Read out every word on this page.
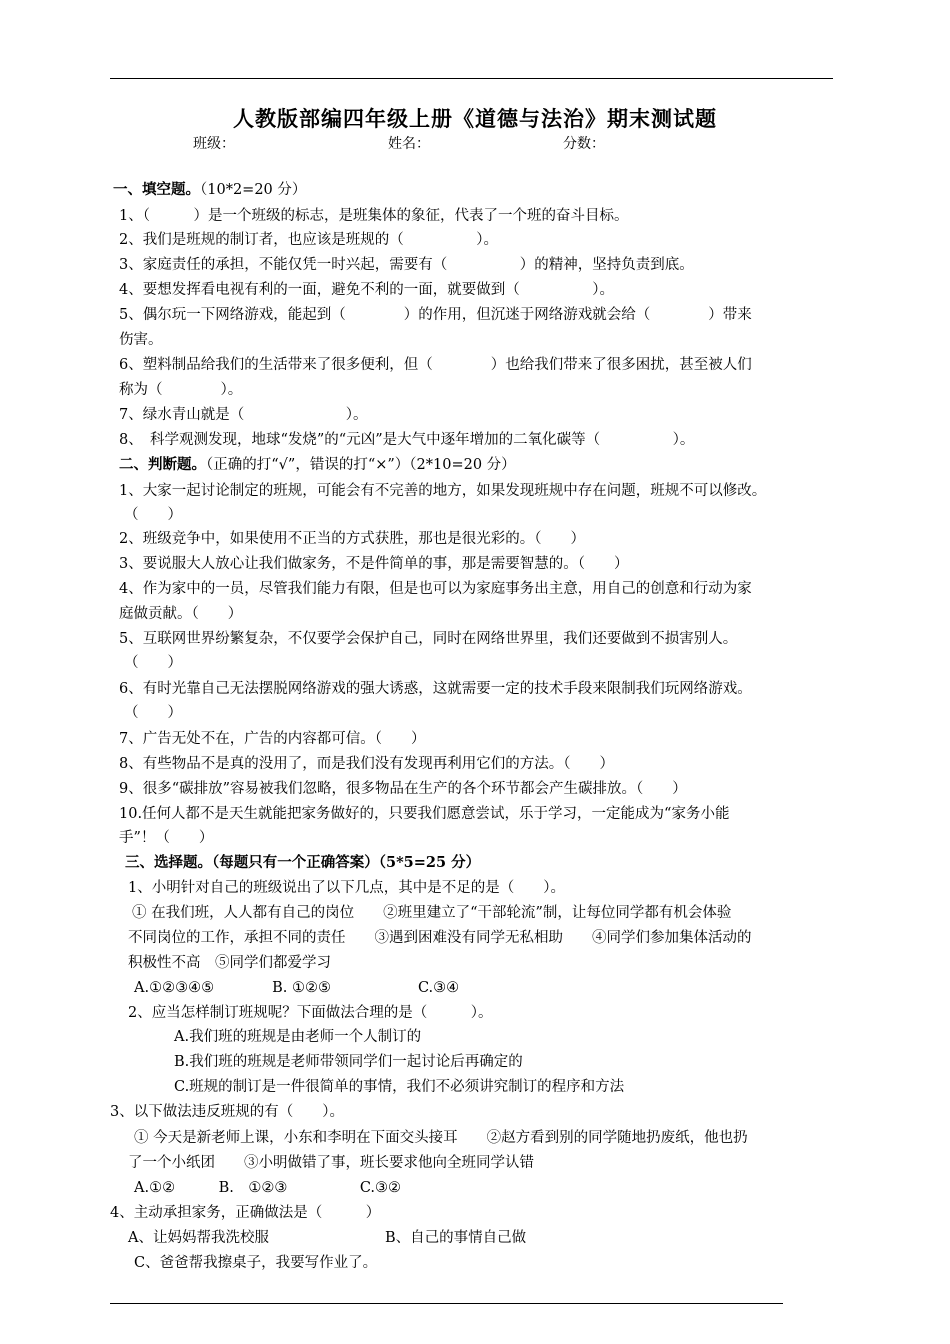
人教版部编四年级上册《道德与法治》期末测试题
班级：	姓名：	分数：
一、填空题。（10*2=20 分）
1、（　　　）是一个班级的标志，是班集体的象征，代表了一个班的奋斗目标。
2、我们是班规的制订者，也应该是班规的（　　　　　）。
3、家庭责任的承担，不能仅凭一时兴起，需要有（　　　　　）的精神，坚持负责到底。
4、要想发挥看电视有利的一面，避免不利的一面，就要做到（　　　　　）。
5、偶尔玩一下网络游戏，能起到（　　　　）的作用，但沉迷于网络游戏就会给（　　　　）带来
伤害。
6、塑料制品给我们的生活带来了很多便利，但（　　　　）也给我们带来了很多困扰，甚至被人们
称为（　　　　）。
7、绿水青山就是（　　　　　　　）。
8、　科学观测发现，地球“发烧”的“元凶”是大气中逐年增加的二氧化碳等（　　　　　）。
二、判断题。（正确的打“√”，错误的打“×”）（2*10=20 分）
1、大家一起讨论制定的班规，可能会有不完善的地方，如果发现班规中存在问题，班规不可以修改。
（　　）
2、班级竞争中，如果使用不正当的方式获胜，那也是很光彩的。（　　）
3、要说服大人放心让我们做家务，不是件简单的事，那是需要智慧的。（　　）
4、作为家中的一员，尽管我们能力有限，但是也可以为家庭事务出主意，用自己的创意和行动为家
庭做贡献。（　　）
5、互联网世界纷繁复杂，不仅要学会保护自己，同时在网络世界里，我们还要做到不损害别人。
（　　）
6、有时光靠自己无法摆脱网络游戏的强大诱惑，这就需要一定的技术手段来限制我们玩网络游戏。
（　　）
7、广告无处不在，广告的内容都可信。（　　）
8、有些物品不是真的没用了，而是我们没有发现再利用它们的方法。（　　）
9、很多“碳排放”容易被我们忽略，很多物品在生产的各个环节都会产生碳排放。（　　）
10.任何人都不是天生就能把家务做好的，只要我们愿意尝试，乐于学习，一定能成为“家务小能
手”！（　　）
三、选择题。（每题只有一个正确答案）（5*5=25 分）
1、小明针对自己的班级说出了以下几点，其中是不足的是（　　）。
① 在我们班，人人都有自己的岗位　　②班里建立了“干部轮流”制，让每位同学都有机会体验
不同岗位的工作，承担不同的责任　　③遇到困难没有同学无私相助　　④同学们参加集体活动的
积极性不高　⑤同学们都爱学习
A.①②③④⑤　　　　B. ①②⑤　　　　　　C.③④
2、应当怎样制订班规呢？下面做法合理的是（　　　）。
A.我们班的班规是由老师一个人制订的
B.我们班的班规是老师带领同学们一起讨论后再确定的
C.班规的制订是一件很简单的事情，我们不必须讲究制订的程序和方法
3、以下做法违反班规的有（　　）。
① 今天是新老师上课，小东和李明在下面交头接耳　　②赵方看到别的同学随地扔废纸，他也扔
了一个小纸团　　③小明做错了事，班长要求他向全班同学认错
A.①②　　　B.　①②③　　　　　C.③②
4、主动承担家务，正确做法是（　　　）
A、让妈妈帮我洗校服　　　　　　　　B、自己的事情自己做
C、爸爸帮我擦桌子，我要写作业了。
